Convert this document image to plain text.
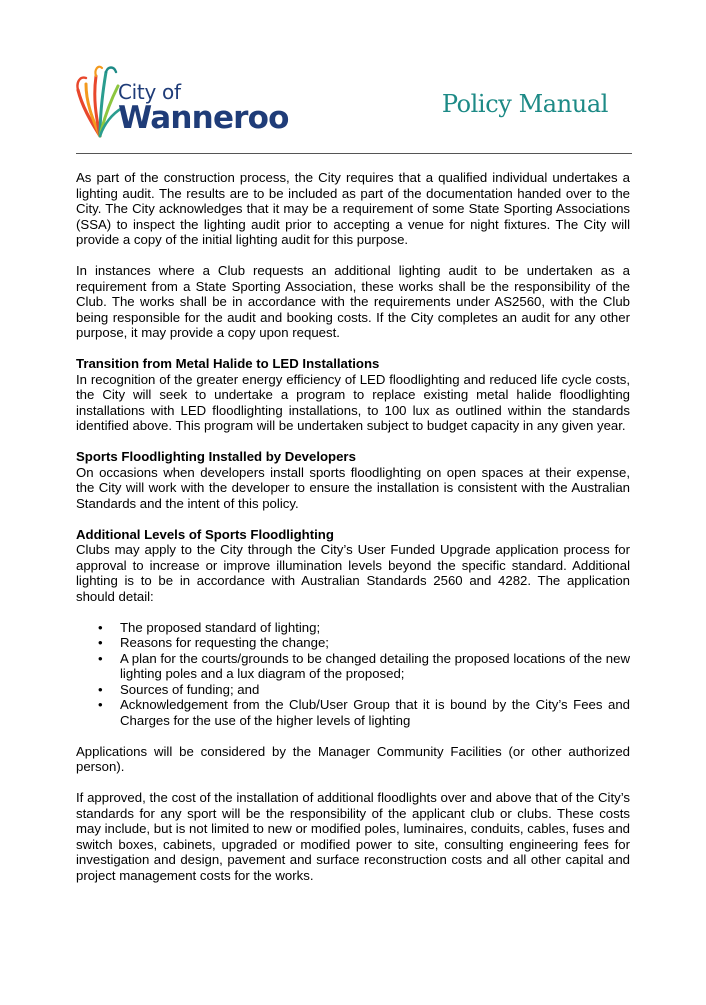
City of
Wanneroo	Policy Manual

As part of the construction process, the City requires that a qualified individual undertakes a lighting audit. The results are to be included as part of the documentation handed over to the City. The City acknowledges that it may be a requirement of some State Sporting Associations (SSA) to inspect the lighting audit prior to accepting a venue for night fixtures. The City will provide a copy of the initial lighting audit for this purpose.

In instances where a Club requests an additional lighting audit to be undertaken as a requirement from a State Sporting Association, these works shall be the responsibility of the Club. The works shall be in accordance with the requirements under AS2560, with the Club being responsible for the audit and booking costs. If the City completes an audit for any other purpose, it may provide a copy upon request.

Transition from Metal Halide to LED Installations

In recognition of the greater energy efficiency of LED floodlighting and reduced life cycle costs, the City will seek to undertake a program to replace existing metal halide floodlighting installations with LED floodlighting installations, to 100 lux as outlined within the standards identified above. This program will be undertaken subject to budget capacity in any given year.

Sports Floodlighting Installed by Developers

On occasions when developers install sports floodlighting on open spaces at their expense, the City will work with the developer to ensure the installation is consistent with the Australian Standards and the intent of this policy.

Additional Levels of Sports Floodlighting

Clubs may apply to the City through the City’s User Funded Upgrade application process for approval to increase or improve illumination levels beyond the specific standard. Additional lighting is to be in accordance with Australian Standards 2560 and 4282. The application should detail:

• The proposed standard of lighting;
• Reasons for requesting the change;
• A plan for the courts/grounds to be changed detailing the proposed locations of the new lighting poles and a lux diagram of the proposed;
• Sources of funding; and
• Acknowledgement from the Club/User Group that it is bound by the City’s Fees and Charges for the use of the higher levels of lighting

Applications will be considered by the Manager Community Facilities (or other authorized person).

If approved, the cost of the installation of additional floodlights over and above that of the City’s standards for any sport will be the responsibility of the applicant club or clubs. These costs may include, but is not limited to new or modified poles, luminaires, conduits, cables, fuses and switch boxes, cabinets, upgraded or modified power to site, consulting engineering fees for investigation and design, pavement and surface reconstruction costs and all other capital and project management costs for the works.
